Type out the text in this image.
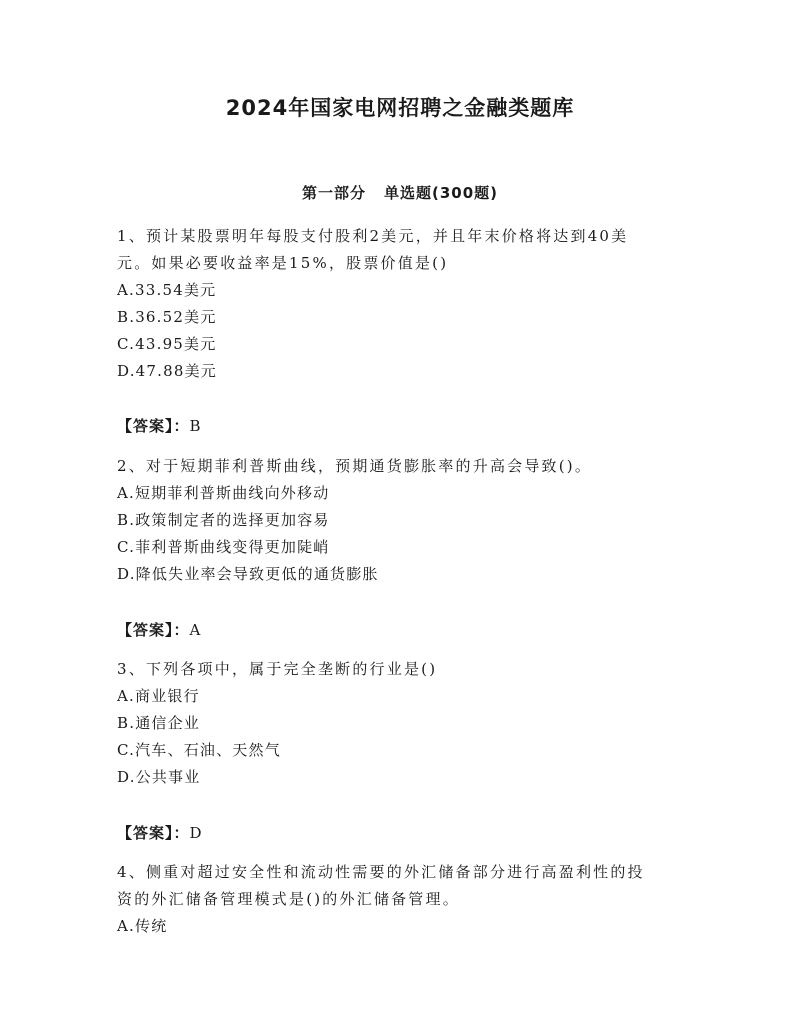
2024年国家电网招聘之金融类题库
第一部分 单选题(300题)
1、预计某股票明年每股支付股利2美元，并且年末价格将达到40美
元。如果必要收益率是15%，股票价值是()
A.33.54美元
B.36.52美元
C.43.95美元
D.47.88美元
【答案】：B
2、对于短期菲利普斯曲线，预期通货膨胀率的升高会导致()。
A.短期菲利普斯曲线向外移动
B.政策制定者的选择更加容易
C.菲利普斯曲线变得更加陡峭
D.降低失业率会导致更低的通货膨胀
【答案】：A
3、下列各项中，属于完全垄断的行业是()
A.商业银行
B.通信企业
C.汽车、石油、天然气
D.公共事业
【答案】：D
4、侧重对超过安全性和流动性需要的外汇储备部分进行高盈利性的投
资的外汇储备管理模式是()的外汇储备管理。
A.传统
